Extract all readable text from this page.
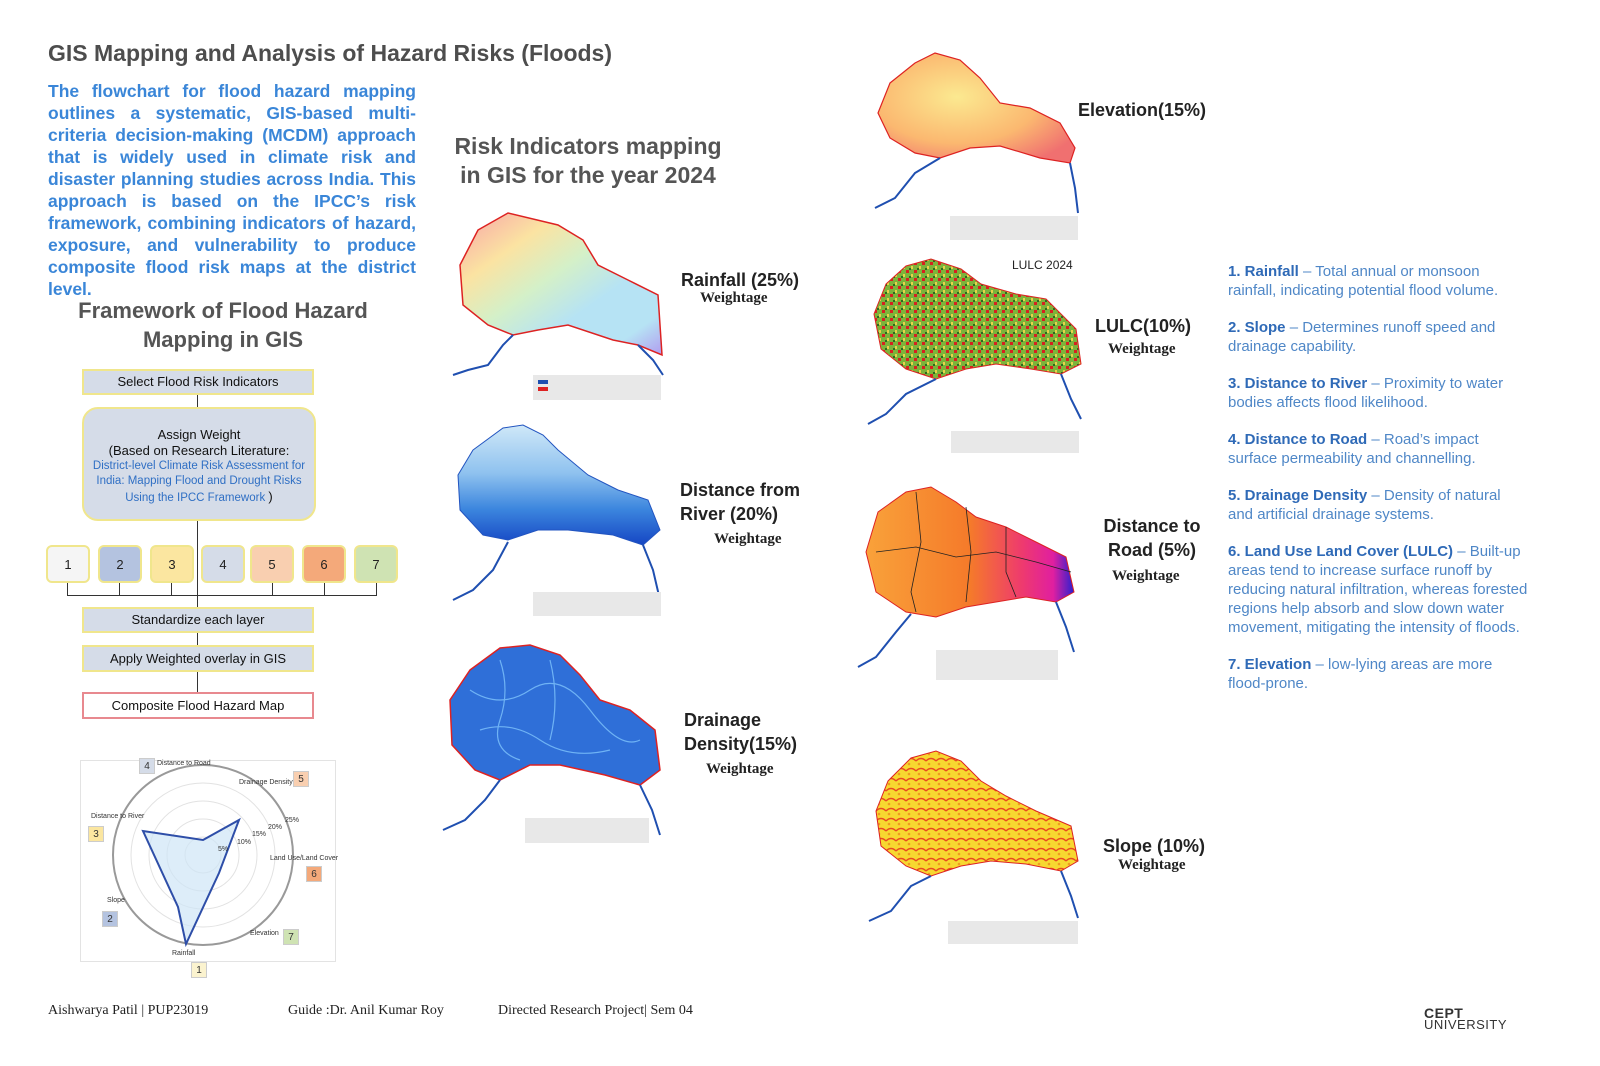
GIS Mapping and Analysis of Hazard Risks (Floods)
The flowchart for flood hazard mapping outlines a systematic, GIS-based multi-criteria decision-making (MCDM) approach that is widely used in climate risk and disaster planning studies across India. This approach is based on the IPCC’s risk framework, combining indicators of hazard, exposure, and vulnerability to produce composite flood risk maps at the district level.
Framework of Flood Hazard Mapping in GIS
Select Flood Risk Indicators
Assign Weight
(Based on Research Literature:
District-level Climate Risk Assessment for India: Mapping Flood and Drought Risks Using the IPCC Framework )
1	2	3	4	5	6	7
Standardize each layer
Apply Weighted overlay in GIS
Composite Flood Hazard Map
4	Distance to Road
Drainage Density 5
Distance to River
3
Land Use/Land Cover
6
Slope
2
Elevation 7
Rainfall
1
5%
10%
15%
20%
25%
Risk Indicators mapping in GIS for the year 2024
Rainfall (25%)
Weightage
Distance from River (20%)
Weightage
Drainage Density(15%)
Weightage
Elevation(15%)
LULC 2024
LULC(10%)
Weightage
Distance to Road (5%)
Weightage
Slope (10%)
Weightage

1. Rainfall – Total annual or monsoon rainfall, indicating potential flood volume.

2. Slope – Determines runoff speed and drainage capability.

3. Distance to River – Proximity to water bodies affects flood likelihood.

4. Distance to Road – Road’s impact surface permeability and channelling.

5. Drainage Density – Density of natural and artificial drainage systems.

6. Land Use Land Cover (LULC) – Built-up areas tend to increase surface runoff by reducing natural infiltration, whereas forested regions help absorb and slow down water movement, mitigating the intensity of floods.

7. Elevation – low-lying areas are more flood-prone.

Aishwarya Patil | PUP23019	Guide :Dr. Anil Kumar Roy	Directed Research Project| Sem 04	CEPT
UNIVERSITY
